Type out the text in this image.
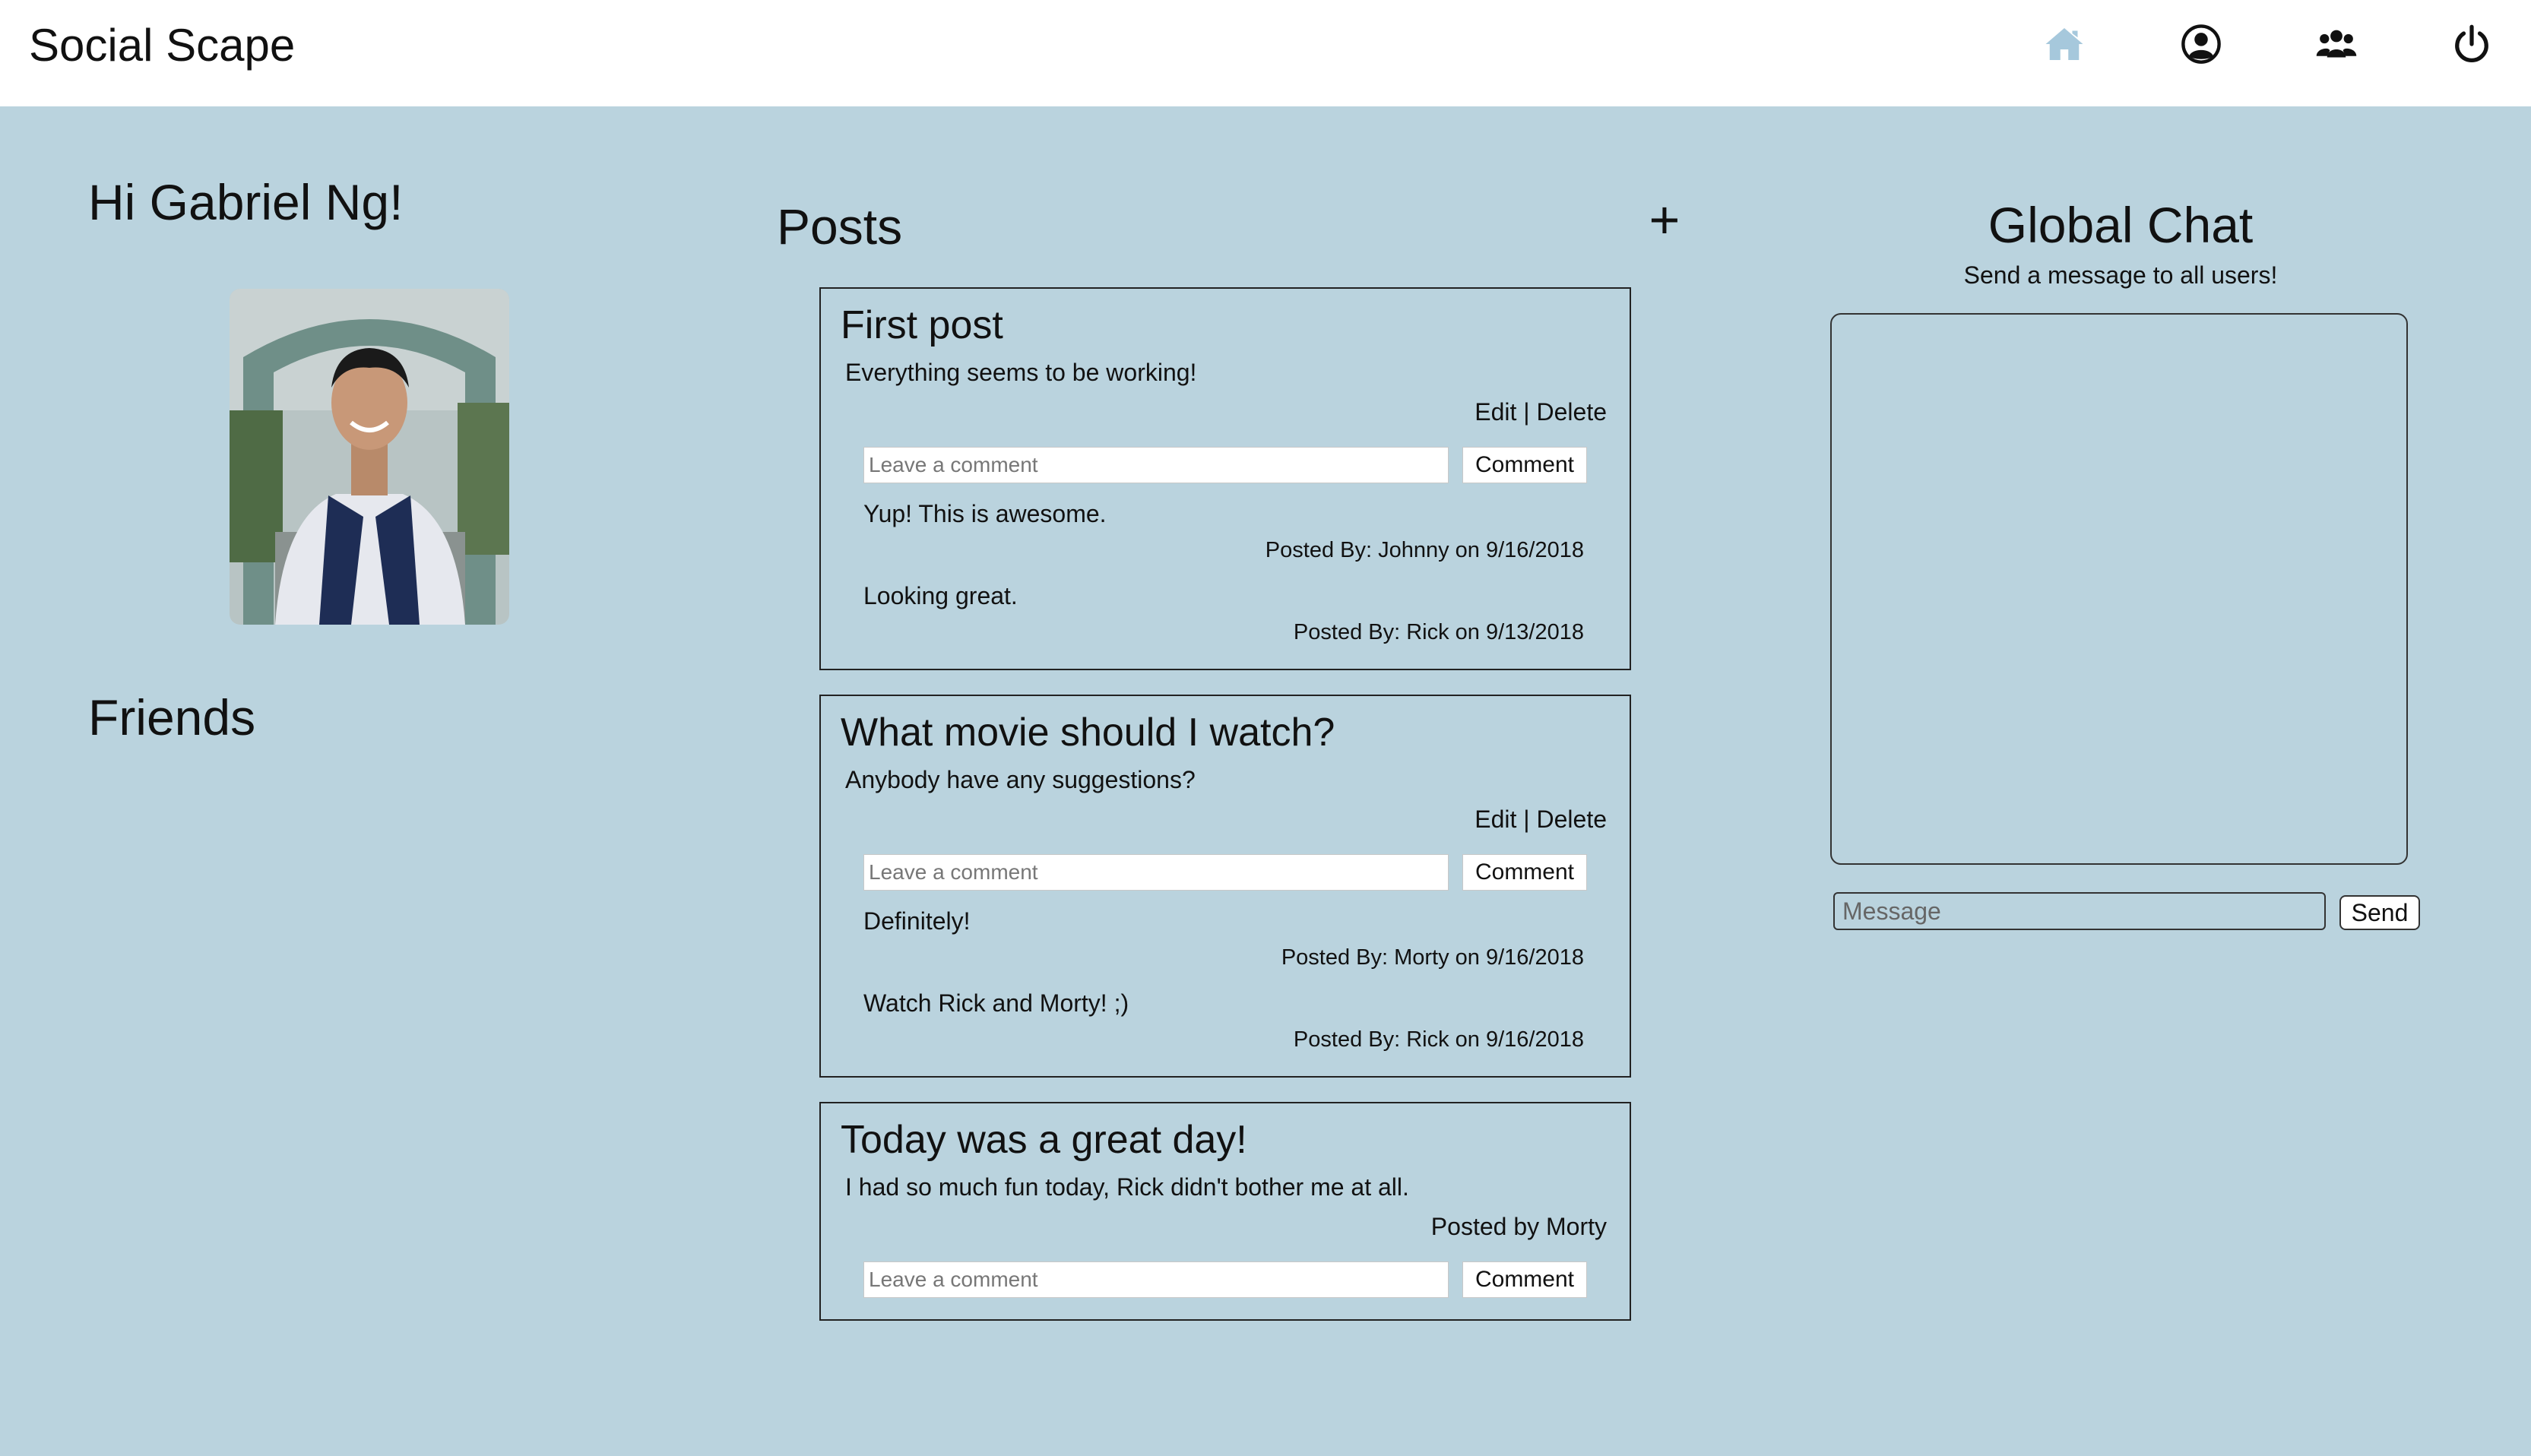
Social Scape
Hi Gabriel Ng!
Friends
Posts	+
First post
Everything seems to be working!
Edit | Delete
Leave a comment
Comment
Yup! This is awesome.
Posted By: Johnny on 9/16/2018
Looking great.
Posted By: Rick on 9/13/2018
What movie should I watch?
Anybody have any suggestions?
Edit | Delete
Leave a comment
Comment
Definitely!
Posted By: Morty on 9/16/2018
Watch Rick and Morty! ;)
Posted By: Rick on 9/16/2018
Today was a great day!
I had so much fun today, Rick didn't bother me at all.
Posted by Morty
Leave a comment
Comment
Global Chat
Send a message to all users!
Message
Send
